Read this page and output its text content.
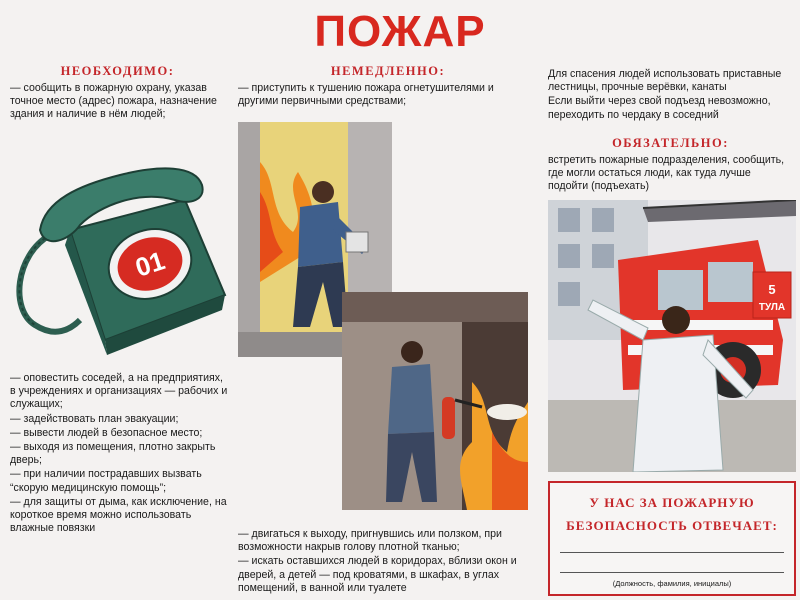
ПОЖАР
НЕОБХОДИМО:
— сообщить в пожарную охрану, указав точное место (адрес) пожара, назначение здания и наличие в нём людей;
01

— оповестить соседей, а на предприятиях, в учреждениях и организациях — рабочих и служащих;

— задействовать план эвакуации;

— вывести людей в безопасное место;

— выходя из помещения, плотно закрыть дверь;

— при наличии пострадавших вызвать “скорую медицинскую помощь”;

— для защиты от дыма, как исключение, на короткое время можно использовать влажные повязки

НЕМЕДЛЕННО:
— приступить к тушению пожара огнетушителями и другими первичными средствами;

— двигаться к выходу, пригнувшись или ползком, при возможности накрыв голову плотной тканью;

— искать оставшихся людей в коридорах, вблизи окон и дверей, а детей — под кроватями, в шкафах, в углах помещений, в ванной или туалете

Для спасения людей использовать приставные лестницы, прочные верёвки, канаты

Если выйти через свой подъезд невозможно, переходить по чердаку в соседний

ОБЯЗАТЕЛЬНО:
встретить пожарные подразделения, сообщить, где могли остаться люди, как туда лучше подойти (подъехать)
5
ТУЛА
У НАС ЗА ПОЖАРНУЮ БЕЗОПАСНОСТЬ ОТВЕЧАЕТ:
(Должность, фамилия, инициалы)
